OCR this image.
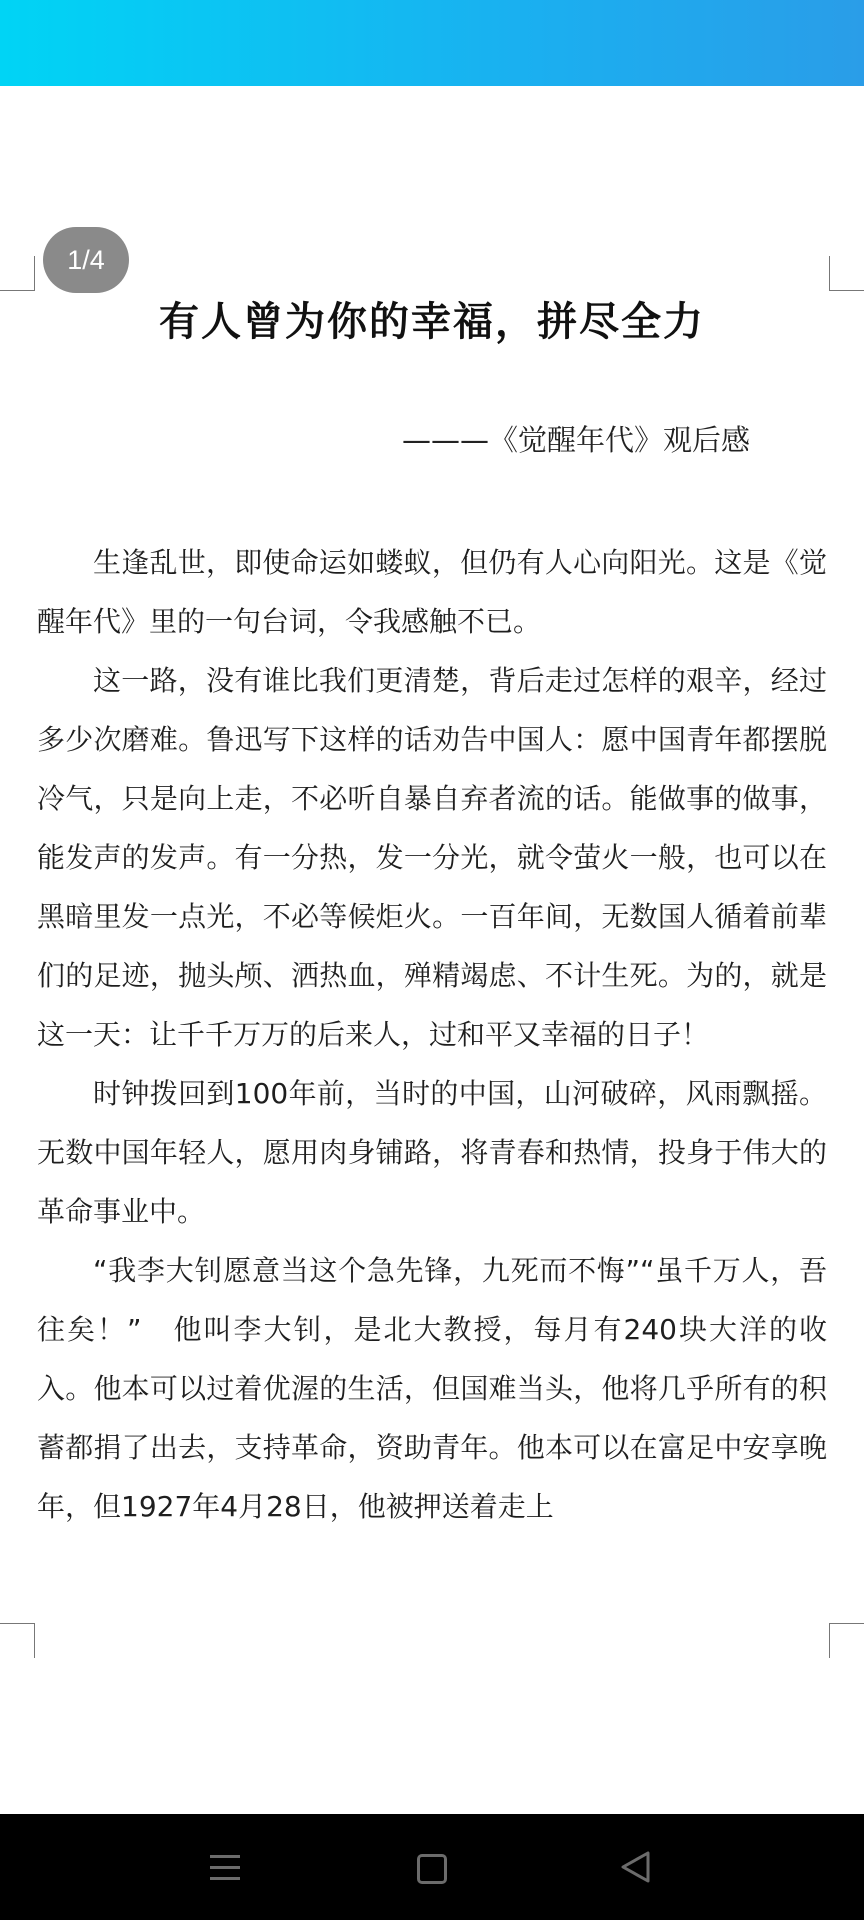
1/4
有人曾为你的幸福，拼尽全力
———《觉醒年代》观后感

生逢乱世，即使命运如蝼蚁，但仍有人心向阳光。这是《觉醒年代》里的一句台词，令我感触不已。

这一路，没有谁比我们更清楚，背后走过怎样的艰辛，经过多少次磨难。鲁迅写下这样的话劝告中国人：愿中国青年都摆脱冷气，只是向上走，不必听自暴自弃者流的话。能做事的做事，能发声的发声。有一分热，发一分光，就令萤火一般，也可以在黑暗里发一点光，不必等候炬火。一百年间，无数国人循着前辈们的足迹，抛头颅、洒热血，殚精竭虑、不计生死。为的，就是这一天：让千千万万的后来人，过和平又幸福的日子！

时钟拨回到100年前，当时的中国，山河破碎，风雨飘摇。无数中国年轻人，愿用肉身铺路，将青春和热情，投身于伟大的革命事业中。

“我李大钊愿意当这个急先锋，九死而不悔”“虽千万人，吾往矣！”　他叫李大钊，是北大教授，每月有240块大洋的收入。他本可以过着优渥的生活，但国难当头，他将几乎所有的积蓄都捐了出去，支持革命，资助青年。他本可以在富足中安享晚年，但1927年4月28日，他被押送着走上
